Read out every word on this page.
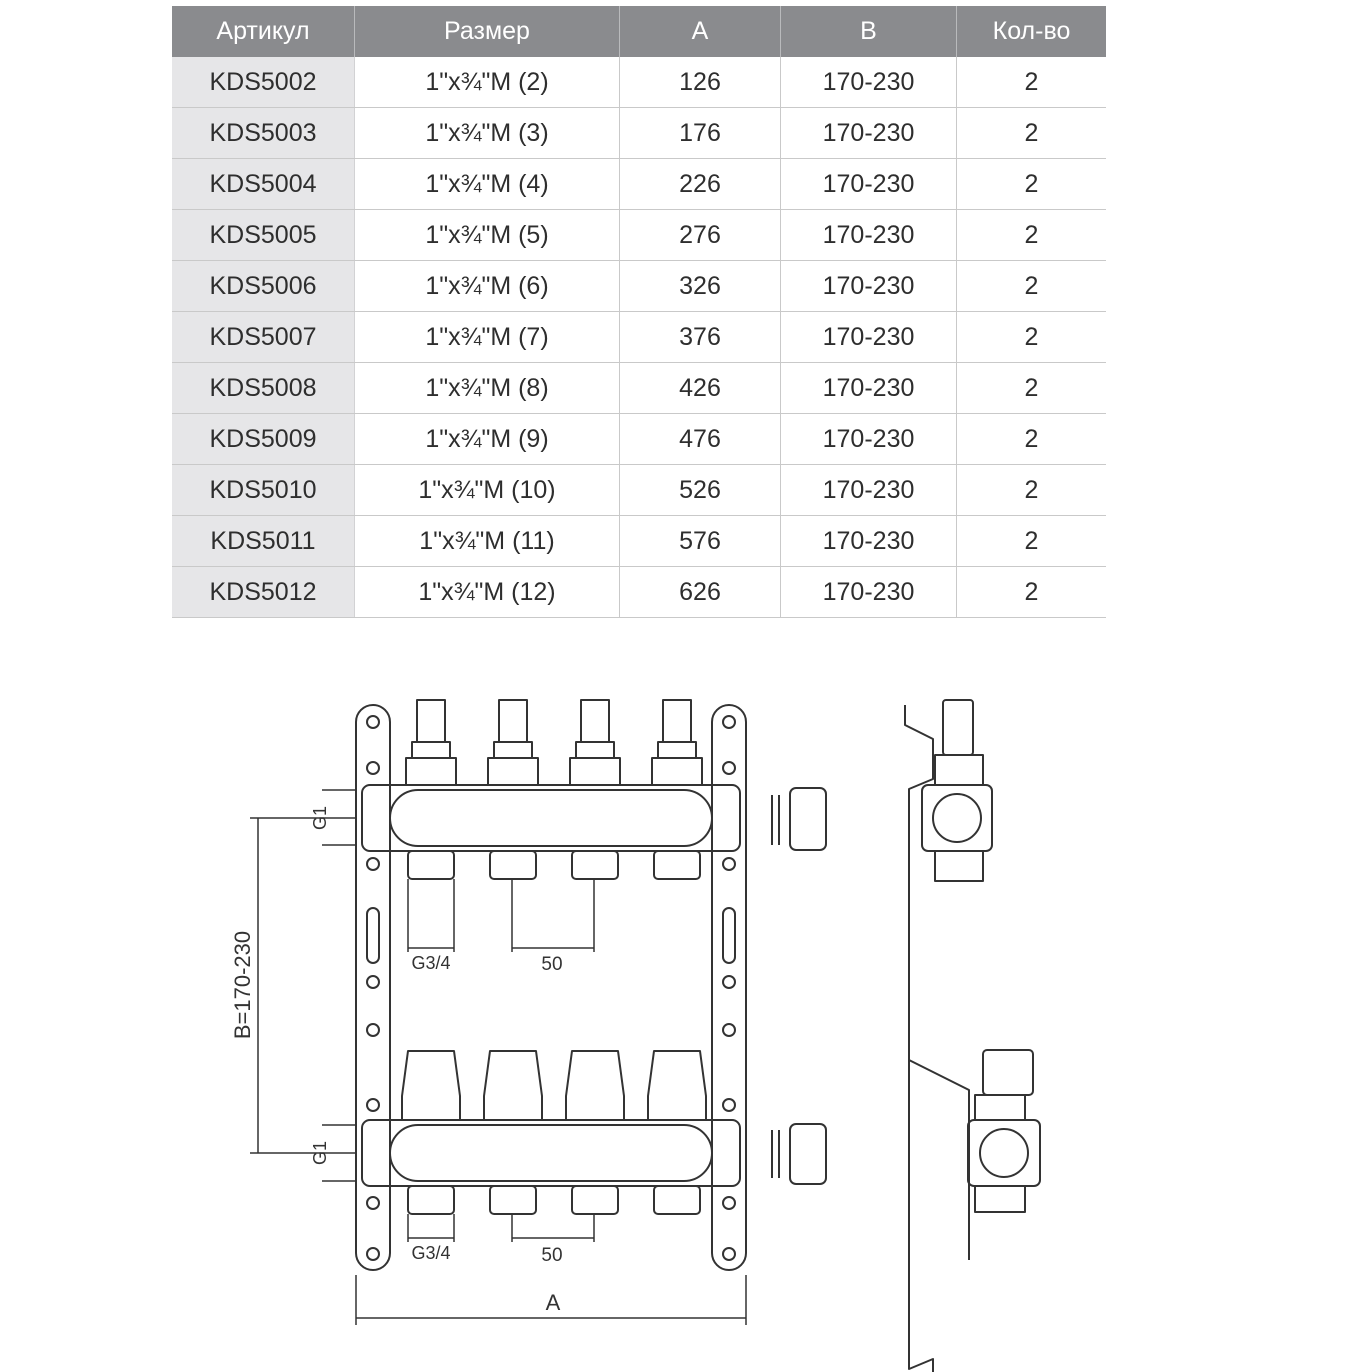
Артикул	Размер	A	B	Кол-во
KDS5002	1"x¾"M (2)	126	170-230	2
KDS5003	1"x¾"M (3)	176	170-230	2
KDS5004	1"x¾"M (4)	226	170-230	2
KDS5005	1"x¾"M (5)	276	170-230	2
KDS5006	1"x¾"M (6)	326	170-230	2
KDS5007	1"x¾"M (7)	376	170-230	2
KDS5008	1"x¾"M (8)	426	170-230	2
KDS5009	1"x¾"M (9)	476	170-230	2
KDS5010	1"x¾"M (10)	526	170-230	2
KDS5011	1"x¾"M (11)	576	170-230	2
KDS5012	1"x¾"M (12)	626	170-230	2
G1
G1
B=170-230	G3/4	50
G3/4	50
A
